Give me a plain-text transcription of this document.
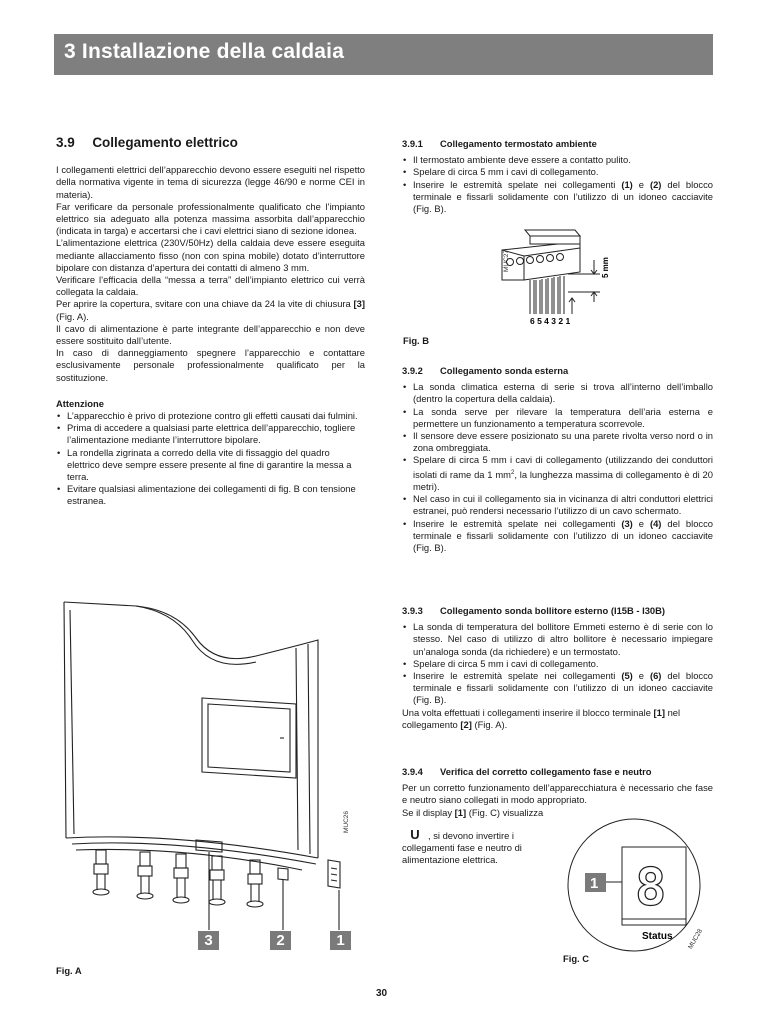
3 Installazione della caldaia
3.9 Collegamento elettrico

I collegamenti elettrici dell’apparecchio devono essere eseguiti nel rispetto della normativa vigente in tema di sicurezza (legge 46/90 e norme CEI in materia).

Far verificare da personale professionalmente qualificato che l’impianto elettrico sia adeguato alla potenza massima assorbita dall’apparecchio (indicata in targa) e accertarsi che i cavi elettrici siano di sezione idonea.

L’alimentazione elettrica (230V/50Hz) della caldaia deve essere eseguita mediante allacciamento fisso (non con spina mobile) dotato d’interruttore bipolare con distanza d’apertura dei contatti di almeno 3 mm.

Verificare l’efficacia della “messa a terra” dell’impianto elettrico cui verrà collegata la caldaia.

Per aprire la copertura, svitare con una chiave da 24 la vite di chiusura [3] (Fig. A).

Il cavo di alimentazione è parte integrante dell’apparecchio e non deve essere sostituito dall’utente.

In caso di danneggiamento spegnere l’apparecchio e contattare esclusivamente personale professionalmente qualificato per la sostituzione.

Attenzione

• L’apparecchio è privo di protezione contro gli effetti causati dai fulmini.
• Prima di accedere a qualsiasi parte elettrica dell’apparecchio, togliere l’alimentazione mediante l’interruttore bipolare.
• La rondella zigrinata a corredo della vite di fissaggio del quadro elettrico deve sempre essere presente al fine di garantire la messa a terra.
• Evitare qualsiasi alimentazione dei collegamenti di fig. B con tensione estranea.
3.9.1 Collegamento termostato ambiente
• Il termostato ambiente deve essere a contatto pulito.
• Spelare di circa 5 mm i cavi di collegamento.
• Inserire le estremità spelate nei collegamenti (1) e (2) del blocco terminale e fissarli solidamente con l’utilizzo di un idoneo cacciavite (Fig. B).
5 mm
6 5 4 3 2 1
MUC27
Fig. B
3.9.2 Collegamento sonda esterna
• La sonda climatica esterna di serie si trova all’interno dell’imballo (dentro la copertura della caldaia).
• La sonda serve per rilevare la temperatura dell’aria esterna e permettere un funzionamento a temperatura scorrevole.
• Il sensore deve essere posizionato su una parete rivolta verso nord o in zona ombreggiata.
• Spelare di circa 5 mm i cavi di collegamento (utilizzando dei conduttori isolati di rame da 1 $mm^2$, la lunghezza massima di collegamento è di 20 metri).
• Nel caso in cui il collegamento sia in vicinanza di altri conduttori elettrici estranei, può rendersi necessario l’utilizzo di un cavo schermato.
• Inserire le estremità spelate nei collegamenti (3) e (4) del blocco terminale e fissarli solidamente con l’utilizzo di un idoneo cacciavite (Fig. B).
3.9.3 Collegamento sonda bollitore esterno (I15B - I30B)
• La sonda di temperatura del bollitore Emmeti esterno è di serie con lo stesso. Nel caso di utilizzo di altro bollitore è necessario impiegare un’analoga sonda (da richiedere) e un termostato.
• Spelare di circa 5 mm i cavi di collegamento.
• Inserire le estremità spelate nei collegamenti (5) e (6) del blocco terminale e fissarli solidamente con l’utilizzo di un idoneo cacciavite (Fig. B).

Una volta effettuati i collegamenti inserire il blocco terminale [1] nel collegamento [2] (Fig. A).

3.9.4 Verifica del corretto collegamento fase e neutro

Per un corretto funzionamento dell’apparecchiatura è necessario che fase e neutro siano collegati in modo appropriato.

Se il display [1] (Fig. C) visualizza

U , si devono invertire i collegamenti fase e neutro di alimentazione elettrica.	8
Status
1
MUC28
Fig. C
MUC26
3	2	1
Fig. A
30
